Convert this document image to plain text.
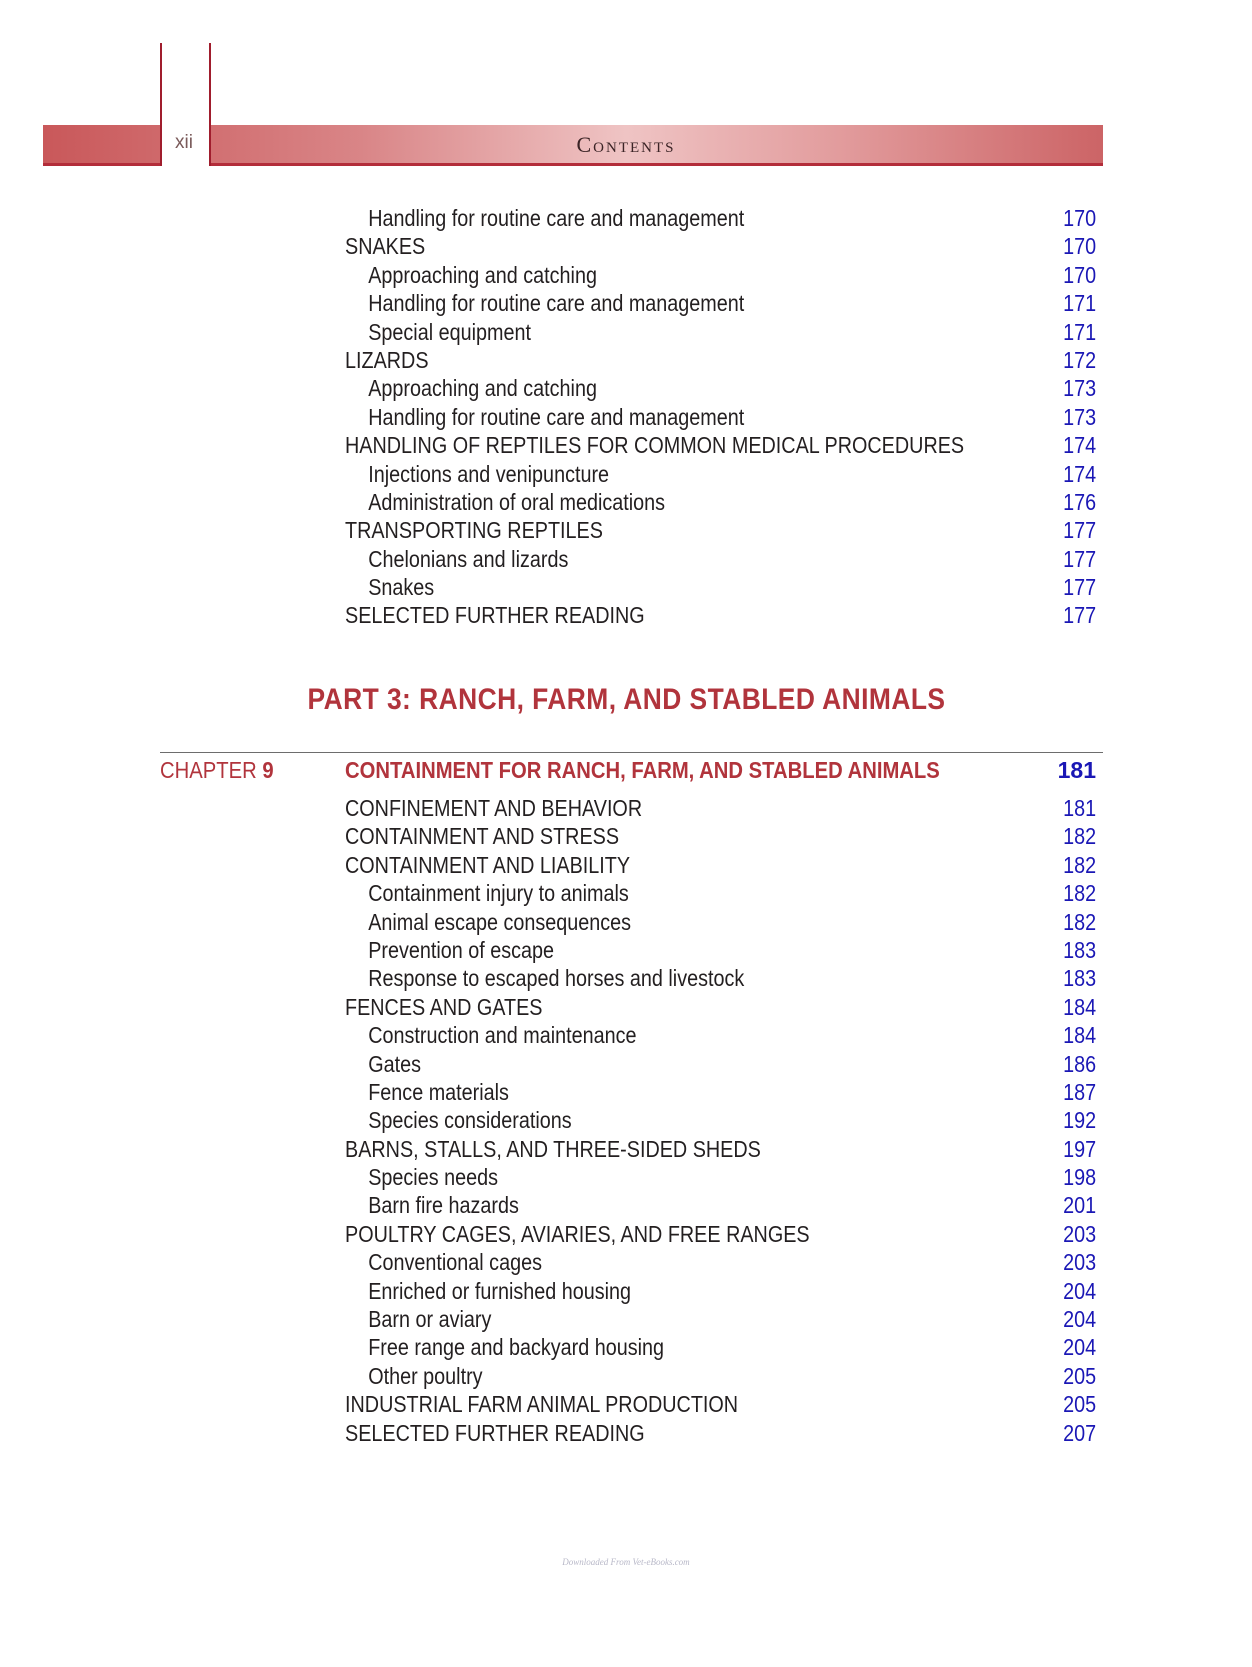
xii	Contents
Handling for routine care and management	170
SNAKES	170
Approaching and catching	170
Handling for routine care and management	171
Special equipment	171
LIZARDS	172
Approaching and catching	173
Handling for routine care and management	173
HANDLING OF REPTILES FOR COMMON MEDICAL PROCEDURES	174
Injections and venipuncture	174
Administration of oral medications	176
TRANSPORTING REPTILES	177
Chelonians and lizards	177
Snakes	177
SELECTED FURTHER READING	177
PART 3: RANCH, FARM, AND STABLED ANIMALS
CHAPTER 9	CONTAINMENT FOR RANCH, FARM, AND STABLED ANIMALS	181
CONFINEMENT AND BEHAVIOR	181
CONTAINMENT AND STRESS	182
CONTAINMENT AND LIABILITY	182
Containment injury to animals	182
Animal escape consequences	182
Prevention of escape	183
Response to escaped horses and livestock	183
FENCES AND GATES	184
Construction and maintenance	184
Gates	186
Fence materials	187
Species considerations	192
BARNS, STALLS, AND THREE-SIDED SHEDS	197
Species needs	198
Barn fire hazards	201
POULTRY CAGES, AVIARIES, AND FREE RANGES	203
Conventional cages	203
Enriched or furnished housing	204
Barn or aviary	204
Free range and backyard housing	204
Other poultry	205
INDUSTRIAL FARM ANIMAL PRODUCTION	205
SELECTED FURTHER READING	207
Downloaded From Vet-eBooks.com
